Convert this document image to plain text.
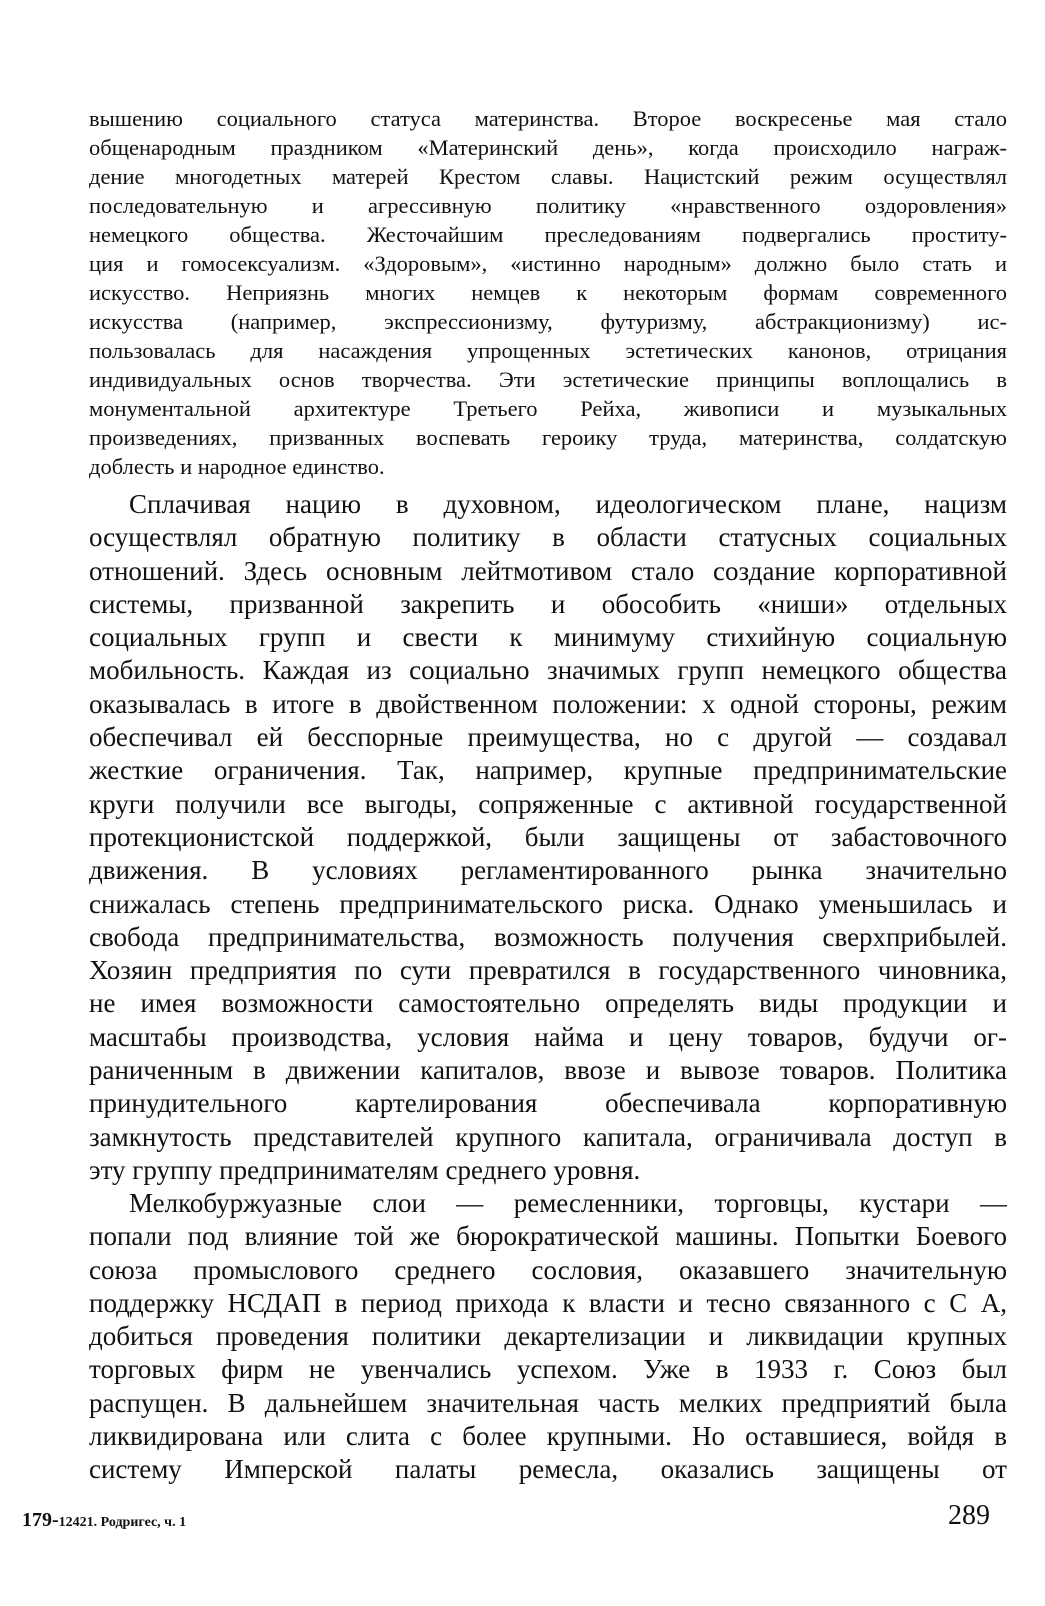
вышению социального статуса материнства. Второе воскресенье мая стало
общенародным праздником «Материнский день», когда происходило награж-
дение многодетных матерей Крестом славы. Нацистский режим осуществлял
последовательную и агрессивную политику «нравственного оздоровления»
немецкого общества. Жесточайшим преследованиям подвергались проститу-
ция и гомосексуализм. «Здоровым», «истинно народным» должно было стать и
искусство. Неприязнь многих немцев к некоторым формам современного
искусства (например, экспрессионизму, футуризму, абстракционизму) ис-
пользовалась для насаждения упрощенных эстетических канонов, отрицания
индивидуальных основ творчества. Эти эстетические принципы воплощались в
монументальной архитектуре Третьего Рейха, живописи и музыкальных
произведениях, призванных воспевать героику труда, материнства, солдатскую
доблесть и народное единство.
Сплачивая нацию в духовном, идеологическом плане, нацизм
осуществлял обратную политику в области статусных социальных
отношений. Здесь основным лейтмотивом стало создание корпоративной
системы, призванной закрепить и обособить «ниши» отдельных
социальных групп и свести к минимуму стихийную социальную
мобильность. Каждая из социально значимых групп немецкого общества
оказывалась в итоге в двойственном положении: х одной стороны, режим
обеспечивал ей бесспорные преимущества, но с другой — создавал
жесткие ограничения. Так, например, крупные предпринимательские
круги получили все выгоды, сопряженные с активной государственной
протекционистской поддержкой, были защищены от забастовочного
движения. В условиях регламентированного рынка значительно
снижалась степень предпринимательского риска. Однако уменьшилась и
свобода предпринимательства, возможность получения сверхприбылей.
Хозяин предприятия по сути превратился в государственного чиновника,
не имея возможности самостоятельно определять виды продукции и
масштабы производства, условия найма и цену товаров, будучи ог-
раниченным в движении капиталов, ввозе и вывозе товаров. Политика
принудительного картелирования обеспечивала корпоративную
замкнутость представителей крупного капитала, ограничивала доступ в
эту группу предпринимателям среднего уровня.
Мелкобуржуазные слои — ремесленники, торговцы, кустари —
попали под влияние той же бюрократической машины. Попытки Боевого
союза промыслового среднего сословия, оказавшего значительную
поддержку НСДАП в период прихода к власти и тесно связанного с С А,
добиться проведения политики декартелизации и ликвидации крупных
торговых фирм не увенчались успехом. Уже в 1933 г. Союз был
распущен. В дальнейшем значительная часть мелких предприятий была
ликвидирована или слита с более крупными. Но оставшиеся, войдя в
систему Имперской палаты ремесла, оказались защищены от
179-12421. Родригес, ч. 1	289
